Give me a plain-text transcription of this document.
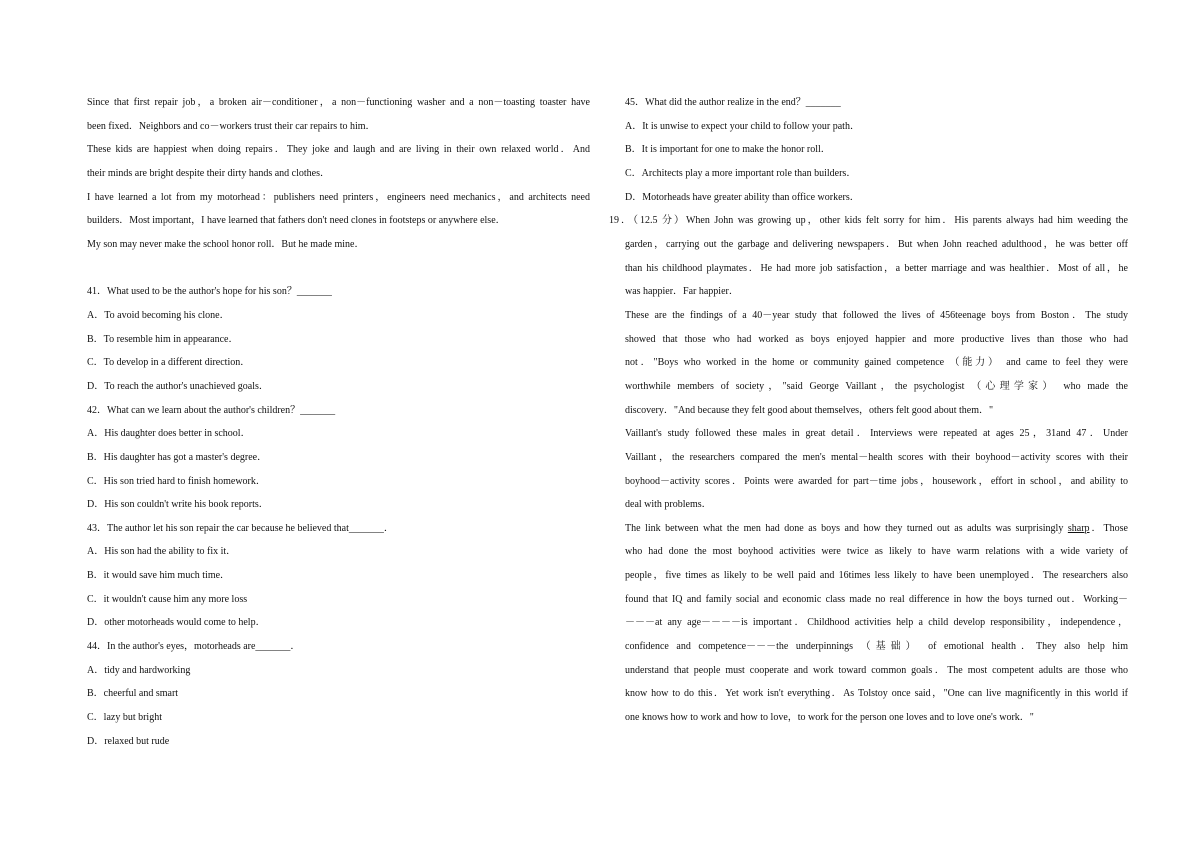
Since that first repair job，a broken air－conditioner，a non－functioning washer and a non－toasting toaster have
been fixed．Neighbors and co－workers trust their car repairs to him．
These kids are happiest when doing repairs．They joke and laugh and are living in their own relaxed world．And
their minds are bright despite their dirty hands and clothes．
I have learned a lot from my motorhead：publishers need printers，engineers need mechanics，and architects need
builders．Most important，I have learned that fathers don't need clones in footsteps or anywhere else．
My son may never make the school honor roll．But he made mine．
41．What used to be the author's hope for his son？_______
A．To avoid becoming his clone．
B．To resemble him in appearance．
C．To develop in a different direction．
D．To reach the author's unachieved goals．
42．What can we learn about the author's children？_______
A．His daughter does better in school．
B．His daughter has got a master's degree．
C．His son tried hard to finish homework．
D．His son couldn't write his book reports．
43．The author let his son repair the car because he believed that_______．
A．His son had the ability to fix it．
B．it would save him much time．
C．it wouldn't cause him any more loss
D．other motorheads would come to help．
44．In the author's eyes，motorheads are_______．
A．tidy and hardworking
B．cheerful and smart
C．lazy but bright
D．relaxed but rude
45．What did the author realize in the end？_______
A．It is unwise to expect your child to follow your path．
B．It is important for one to make the honor roll．
C．Architects play a more important role than builders．
D．Motorheads have greater ability than office workers．
19．（12.5 分）When John was growing up，other kids felt sorry for him．His parents always had him weeding the
garden，carrying out the garbage and delivering newspapers．But when John reached adulthood，he was better off
than his childhood playmates．He had more job satisfaction，a better marriage and was healthier．Most of all，he
was happier．Far happier．
These are the findings of a 40－year study that followed the lives of 456teenage boys from Boston．The study
showed that those who had worked as boys enjoyed happier and more productive lives than those who had
not．"Boys who worked in the home or community gained competence （能力） and came to feel they were
worthwhile members of society，"said George Vaillant，the psychologist （心理学家） who made the
discovery．"And because they felt good about themselves，others felt good about them．"
Vaillant's study followed these males in great detail．Interviews were repeated at ages 25，31and 47．Under
Vaillant，the researchers compared the men's mental－health scores with their boyhood－activity scores with their
boyhood－activity scores．Points were awarded for part－time jobs，housework，effort in school，and ability to
deal with problems．
The link between what the men had done as boys and how they turned out as adults was surprisingly sharp．Those
who had done the most boyhood activities were twice as likely to have warm relations with a wide variety of
people，five times as likely to be well paid and 16times less likely to have been unemployed．The researchers also
found that IQ and family social and economic class made no real difference in how the boys turned out．Working－
－－－at any age－－－－is important．Childhood activities help a child develop responsibility，independence，
confidence and competence－－－the underpinnings （基础） of emotional health．They also help him
understand that people must cooperate and work toward common goals．The most competent adults are those who
know how to do this．Yet work isn't everything．As Tolstoy once said，"One can live magnificently in this world if
one knows how to work and how to love，to work for the person one loves and to love one's work．"
